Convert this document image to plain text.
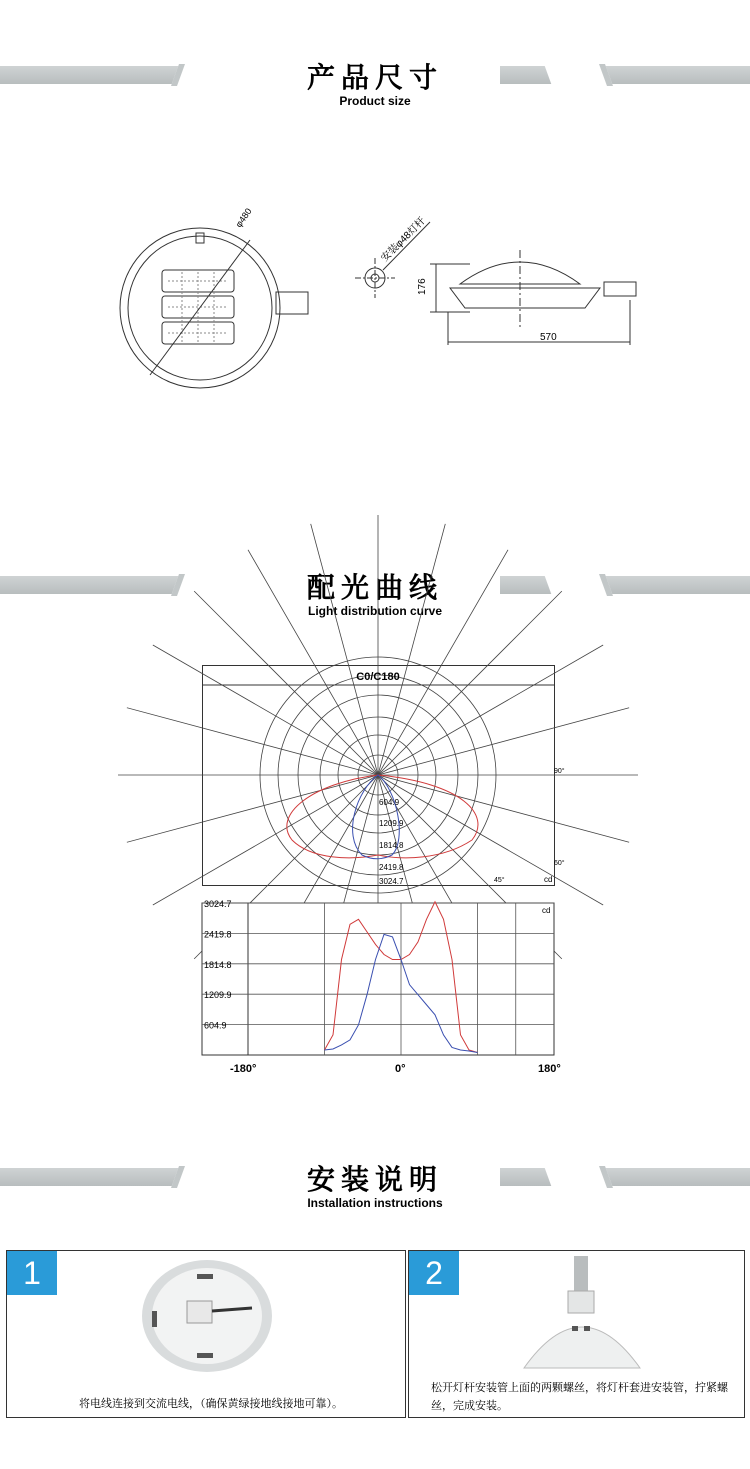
产品尺寸
Product size
φ480	安装φ48灯杆
176
570
配光曲线
Light distribution curve
C0/C180
604.9
1209.9
1814.8
2419.8
3024.7
90°
60°
45°	cd
3024.7
2419.8
1814.8
1209.9
604.9
-180°	0°	180°
cd
安装说明
Installation instructions
1
将电线连接到交流电线，（确保黄绿接地线接地可靠）。
2
松开灯杆安装管上面的两颗螺丝，将灯杆套进安装管，拧紧螺丝，完成安装。
